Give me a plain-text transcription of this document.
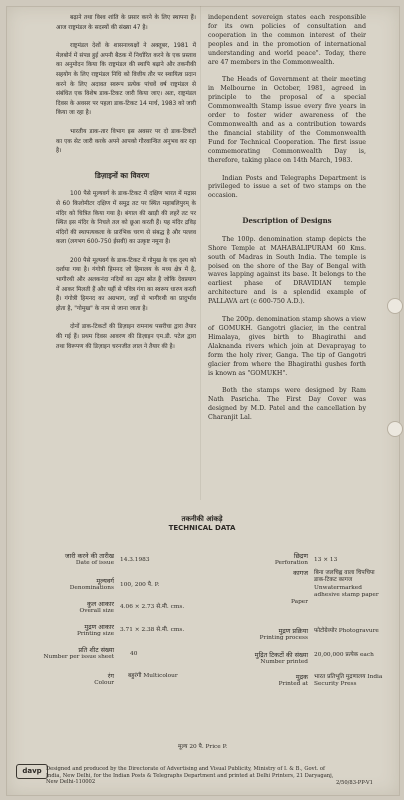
बढ़ाने तथा विश्व शांति के प्रसार करने के लिए स्थापना हैं। आज राष्ट्रमंडल के सदस्यों की संख्या 47 है।

राष्ट्रमंडल देशों के शासनाध्यक्षों ने अक्तूबर, 1981 में मेलबोर्न में संपन्न हुई अपनी बैठक में निर्धारित करने के एक प्रस्ताव का अनुमोदन किया कि राष्ट्रमंडल की स्थापि बढ़ाने और तकनीकी सहयोग के लिए राष्ट्रमंडल निधि को वित्तीय तौर पर स्थायित्व प्रदान करने के लिए अदावत स्वरूप प्रत्येक पांचवें वर्ष राष्ट्रमंडल से संबंधित एक विशेष डाक-टिकट जारी किया जाए। अतः, राष्ट्रमंडल दिवस के अवसर पर पहला डाक-टिकट 14 मार्च, 1983 को जारी किया जा रहा है।

भारतीय डाक-तार विभाग इस अवसर पर दो डाक-टिकटों का एक सेट जारी करके अपने आपको गौरवान्वित अनुभव कर रहा है।

डिज़ाइनों का विवरण

100 पैसे मूल्यवर्ग के डाक-टिकट में दक्षिण भारत में मद्रास से 60 किलोमीटर दक्षिण में समुद्र तट पर स्थित महाबलिपुरम् के मंदिर को चित्रित किया गया है। बंगाल की खाड़ी की लहरें तट पर स्थित इस मंदिर के निचले तल को छूआ करती हैं। यह मंदिर द्रविड़ मंदिरों की स्थापत्यकला के प्रारंभिक चरण से संबद्ध है और पल्लव कला (लगभग 600-750 ईसवी) का उत्कृष्ट नमूना है।

200 पैसे मूल्यवर्ग के डाक-टिकट में गोमुख के एक दृश्य को दर्शाया गया है। गंगोत्री हिमनद जो हिमालय के मध्य क्षेत्र में है, भागीरथी और अलकनंदा नदियों का उद्गम स्रोत है जोकि देवप्रयाग में आकर मिलती हैं और यहीं से पवित्र गंगा का स्वरूप धारण करती हैं। गंगोत्री हिमनद का अग्रभाग, जहाँ से भागीरथी का प्रादुर्भाव होता है, "गोमुख" के नाम से जाना जाता है।

दोनों डाक-टिकटों की डिज़ाइन रामनाथ पसरीचा द्वारा तैयार की गई हैं। प्रथम दिवस आवरण की डिज़ाइन एम.डी. पटेल द्वारा तथा विरूपण की डिज़ाइन चरनजीत लाल ने तैयार की है।

independent sovereign states each responsible for its own policies of consultation and cooperation in the common interest of their peoples and in the promotion of international understanding and world peace". Today, there are 47 members in the Commonwealth.

The Heads of Government at their meeting in Melbourne in October, 1981, agreed in principle to the proposal of a special Commonwealth Stamp issue every five years in order to foster wider awareness of the Commonwealth and as a contribution towards the financial stability of the Commonwealth Fund for Technical Cooperation. The first issue commemorating Commonwealth Day is, therefore, taking place on 14th March, 1983.

Indian Posts and Telegraphs Department is privileged to issue a set of two stamps on the occasion.

Description of Designs

The 100p. denomination stamp depicts the Shore Temple at MAHABALIPURAM 60 Kms. south of Madras in South India. The temple is poised on the shore of the Bay of Bengal with waves lapping against its base. It belongs to the earliest phase of DRAVIDIAN temple architecture and is a splendid example of PALLAVA art (c 600-750 A.D.).

The 200p. denomination stamp shows a view of GOMUKH. Gangotri glacier, in the central Himalaya, gives birth to Bhagirathi and Alaknanda rivers which join at Devaprayag to form the holy river, Ganga. The tip of Gangotri glacier from where the Bhagirathi gushes forth is known as "GOMUKH".

Both the stamps were designed by Ram Nath Pasricha. The First Day Cover was designed by M.D. Patel and the cancellation by Charanjit Lal.

तकनीकी आंकड़े
TECHNICAL DATA
जारी करने की तारीख
Date of issue
14.3.1983
मूल्यवर्ग
Denominations
100, 200 पै. P.
कुल आकार
Overall size
4.06 × 2.73 से.मी. cms.
मुद्रण आकार
Printing size
3.71 × 2.38 से.मी. cms.
प्रति शीट संख्या
Number per issue sheet
40
रंग
Colour
बहुरंगी Multicolour
छिद्रण
Perforation
13 × 13
कागज
Paper
बिना जलचिह्न वाला चिपचिपा डाक-टिकट कागज Unwatermarked adhesive stamp paper
मुद्रण प्रक्रिया
Printing process
फोटोग्रेव्योर Photogravure
मुद्रित टिकटों की संख्या
Number printed
20,00,000 प्रत्येक each
मुद्रक
Printed at
भारत प्रतिभूति मुद्रणालय India Security Press
मूल्य 20 पै. Price P.
davp Designed and produced by the Directorate of Advertising and Visual Publicity, Ministry of I. & B., Govt. of India, New Delhi, for the Indian Posts & Telegraphs Department and printed at Delhi Printers, 21 Daryaganj, New Delhi-110002	2/50/83-PP-V1
